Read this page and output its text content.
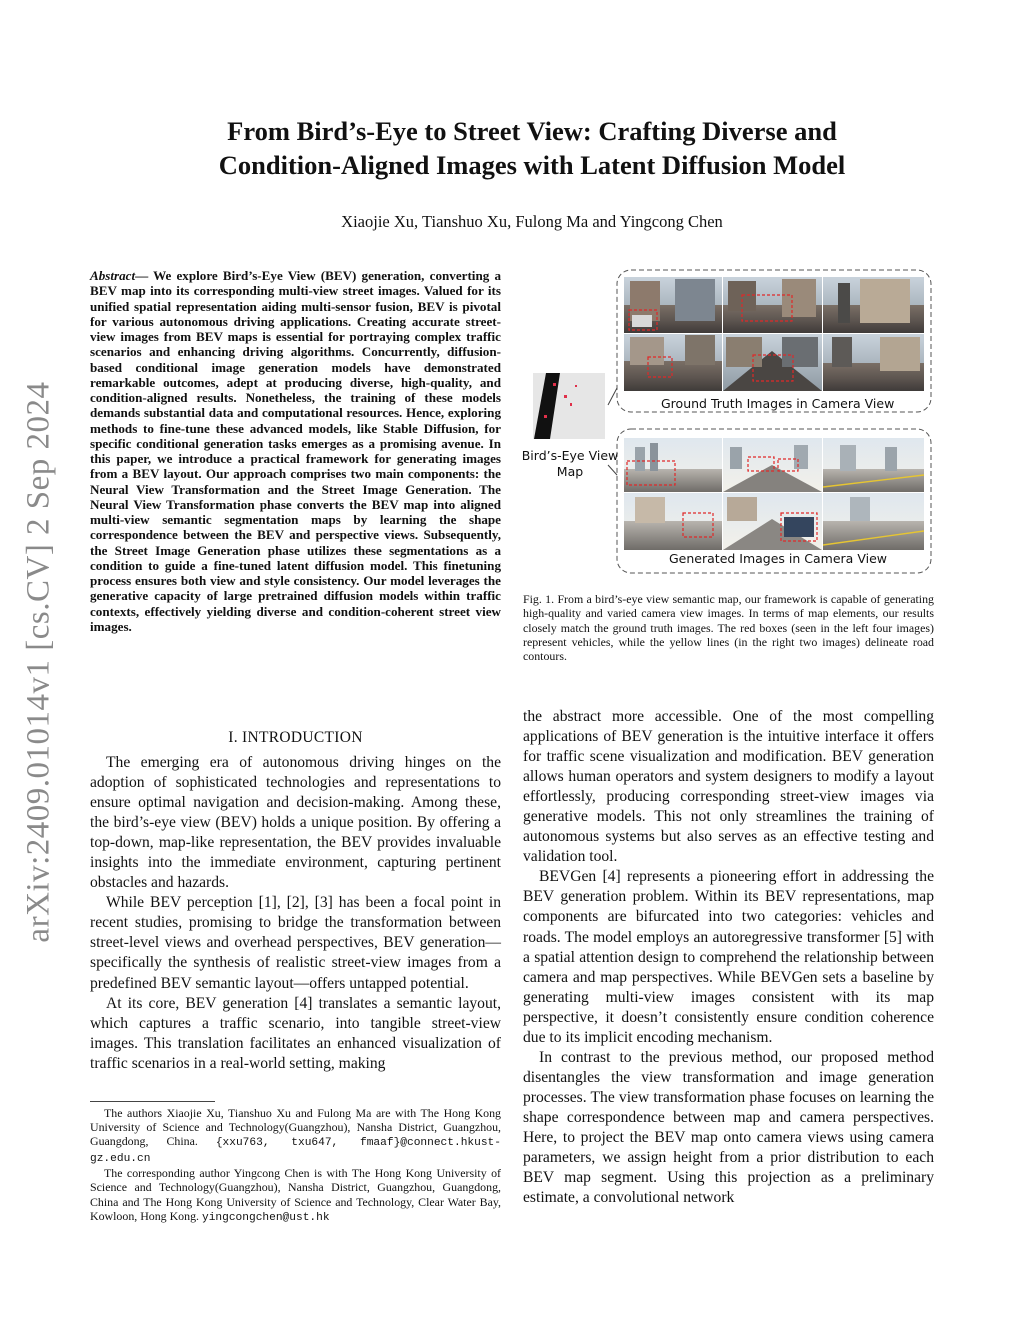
arXiv:2409.01014v1 [cs.CV] 2 Sep 2024
From Bird’s-Eye to Street View: Crafting Diverse and
Condition-Aligned Images with Latent Diffusion Model
Xiaojie Xu, Tianshuo Xu, Fulong Ma and Yingcong Chen

Abstract— We explore Bird’s-Eye View (BEV) generation, converting a BEV map into its corresponding multi-view street images. Valued for its unified spatial representation aiding multi-sensor fusion, BEV is pivotal for various autonomous driving applications. Creating accurate street-view images from BEV maps is essential for portraying complex traffic scenarios and enhancing driving algorithms. Concurrently, diffusion-based conditional image generation models have demonstrated remarkable outcomes, adept at producing diverse, high-quality, and condition-aligned results. Nonetheless, the training of these models demands substantial data and computational resources. Hence, exploring methods to fine-tune these advanced models, like Stable Diffusion, for specific conditional generation tasks emerges as a promising avenue. In this paper, we introduce a practical framework for generating images from a BEV layout. Our approach comprises two main components: the Neural View Transformation and the Street Image Generation. The Neural View Transformation phase converts the BEV map into aligned multi-view semantic segmentation maps by learning the shape correspondence between the BEV and perspective views. Subsequently, the Street Image Generation phase utilizes these segmentations as a condition to guide a fine-tuned latent diffusion model. This finetuning process ensures both view and style consistency. Our model leverages the generative capacity of large pretrained diffusion models within traffic contexts, effectively yielding diverse and condition-coherent street view images.

I. INTRODUCTION

The emerging era of autonomous driving hinges on the adoption of sophisticated technologies and representations to ensure optimal navigation and decision-making. Among these, the bird’s-eye view (BEV) holds a unique position. By offering a top-down, map-like representation, the BEV provides invaluable insights into the immediate environment, capturing pertinent obstacles and hazards.

While BEV perception [1], [2], [3] has been a focal point in recent studies, promising to bridge the transformation between street-level views and overhead perspectives, BEV generation—specifically the synthesis of realistic street-view images from a predefined BEV semantic layout—offers untapped potential.

At its core, BEV generation [4] translates a semantic layout, which captures a traffic scenario, into tangible street-view images. This translation facilitates an enhanced visualization of traffic scenarios in a real-world setting, making

The authors Xiaojie Xu, Tianshuo Xu and Fulong Ma are with The Hong Kong University of Science and Technology(Guangzhou), Nansha District, Guangzhou, Guangdong, China. {xxu763, txu647, fmaaf}@connect.hkust-gz.edu.cn

The corresponding author Yingcong Chen is with The Hong Kong University of Science and Technology(Guangzhou), Nansha District, Guangzhou, Guangdong, China and The Hong Kong University of Science and Technology, Clear Water Bay, Kowloon, Hong Kong. yingcongchen@ust.hk

Ground Truth Images in Camera View
Generated Images in Camera View
Bird’s-Eye View
Map

Fig. 1. From a bird’s-eye view semantic map, our framework is capable of generating high-quality and varied camera view images. In terms of map elements, our results closely match the ground truth images. The red boxes (seen in the left four images) represent vehicles, while the yellow lines (in the right two images) delineate road contours.

the abstract more accessible. One of the most compelling applications of BEV generation is the intuitive interface it offers for traffic scene visualization and modification. BEV generation allows human operators and system designers to modify a layout effortlessly, producing corresponding street-view images via generative models. This not only streamlines the training of autonomous systems but also serves as an effective testing and validation tool.

BEVGen [4] represents a pioneering effort in addressing the BEV generation problem. Within its BEV representations, map components are bifurcated into two categories: vehicles and roads. The model employs an autoregressive transformer [5] with a spatial attention design to comprehend the relationship between camera and map perspectives. While BEVGen sets a baseline by generating multi-view images consistent with its map perspective, it doesn’t consistently ensure condition coherence due to its implicit encoding mechanism.

In contrast to the previous method, our proposed method disentangles the view transformation and image generation processes. The view transformation phase focuses on learning the shape correspondence between map and camera perspectives. Here, to project the BEV map onto camera views using camera parameters, we assign height from a prior distribution to each BEV map segment. Using this projection as a preliminary estimate, a convolutional network
